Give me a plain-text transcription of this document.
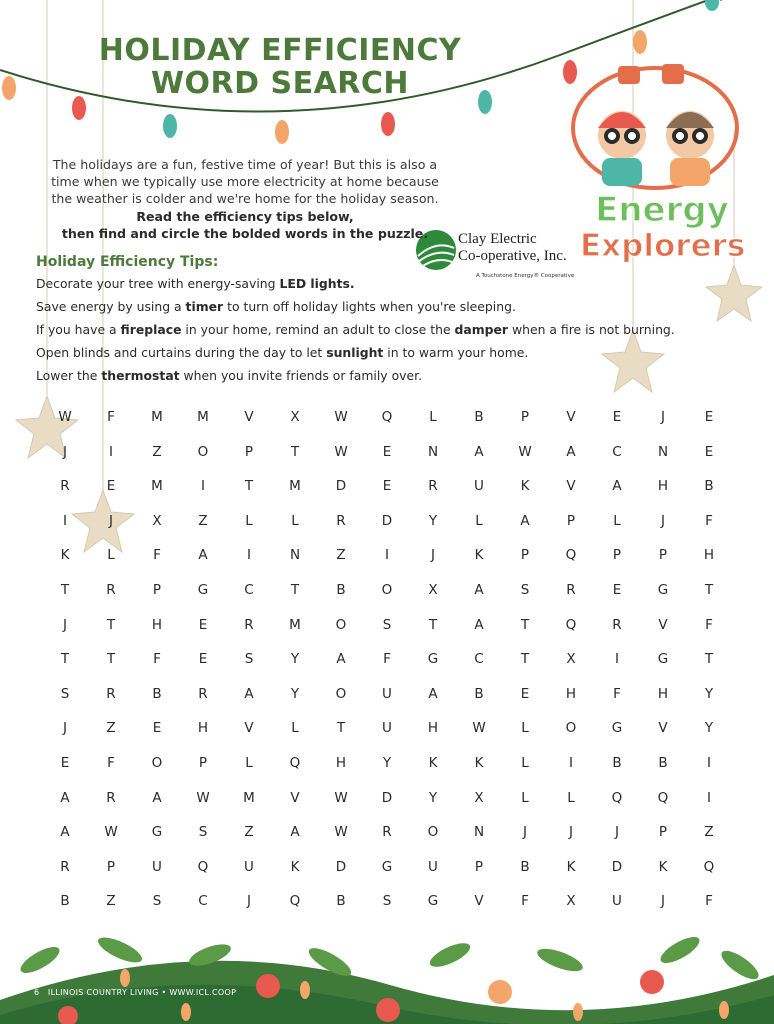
HOLIDAY EFFICIENCY
WORD SEARCH
The holidays are a fun, festive time of year! But this is also a time when we typically use more electricity at home because the weather is colder and we're home for the holiday season.
Read the efficiency tips below,
then find and circle the bolded words in the puzzle. Clay Electric
Co-operative, Inc.
A Touchstone Energy® Cooperative
Energy
Explorers
Holiday Efficiency Tips:
Decorate your tree with energy-saving LED lights.
Save energy by using a timer to turn off holiday lights when you're sleeping.
If you have a fireplace in your home, remind an adult to close the damper when a fire is not burning.
Open blinds and curtains during the day to let sunlight in to warm your home.
Lower the thermostat when you invite friends or family over.
W	F	M	M	V	X	W	Q	L	B	P	V	E	J	E
J	I	Z	O	P	T	W	E	N	A	W	A	C	N	E
R	E	M	I	T	M	D	E	R	U	K	V	A	H	B
I	J	X	Z	L	L	R	D	Y	L	A	P	L	J	F
K	L	F	A	I	N	Z	I	J	K	P	Q	P	P	H
T	R	P	G	C	T	B	O	X	A	S	R	E	G	T
J	T	H	E	R	M	O	S	T	A	T	Q	R	V	F
T	T	F	E	S	Y	A	F	G	C	T	X	I	G	T
S	R	B	R	A	Y	O	U	A	B	E	H	F	H	Y
J	Z	E	H	V	L	T	U	H	W	L	O	G	V	Y
E	F	O	P	L	Q	H	Y	K	K	L	I	B	B	I
A	R	A	W	M	V	W	D	Y	X	L	L	Q	Q	I
A	W	G	S	Z	A	W	R	O	N	J	J	J	P	Z
R	P	U	Q	U	K	D	G	U	P	B	K	D	K	Q
B	Z	S	C	J	Q	B	S	G	V	F	X	U	J	F
6 ILLINOIS COUNTRY LIVING • WWW.ICL.COOP
